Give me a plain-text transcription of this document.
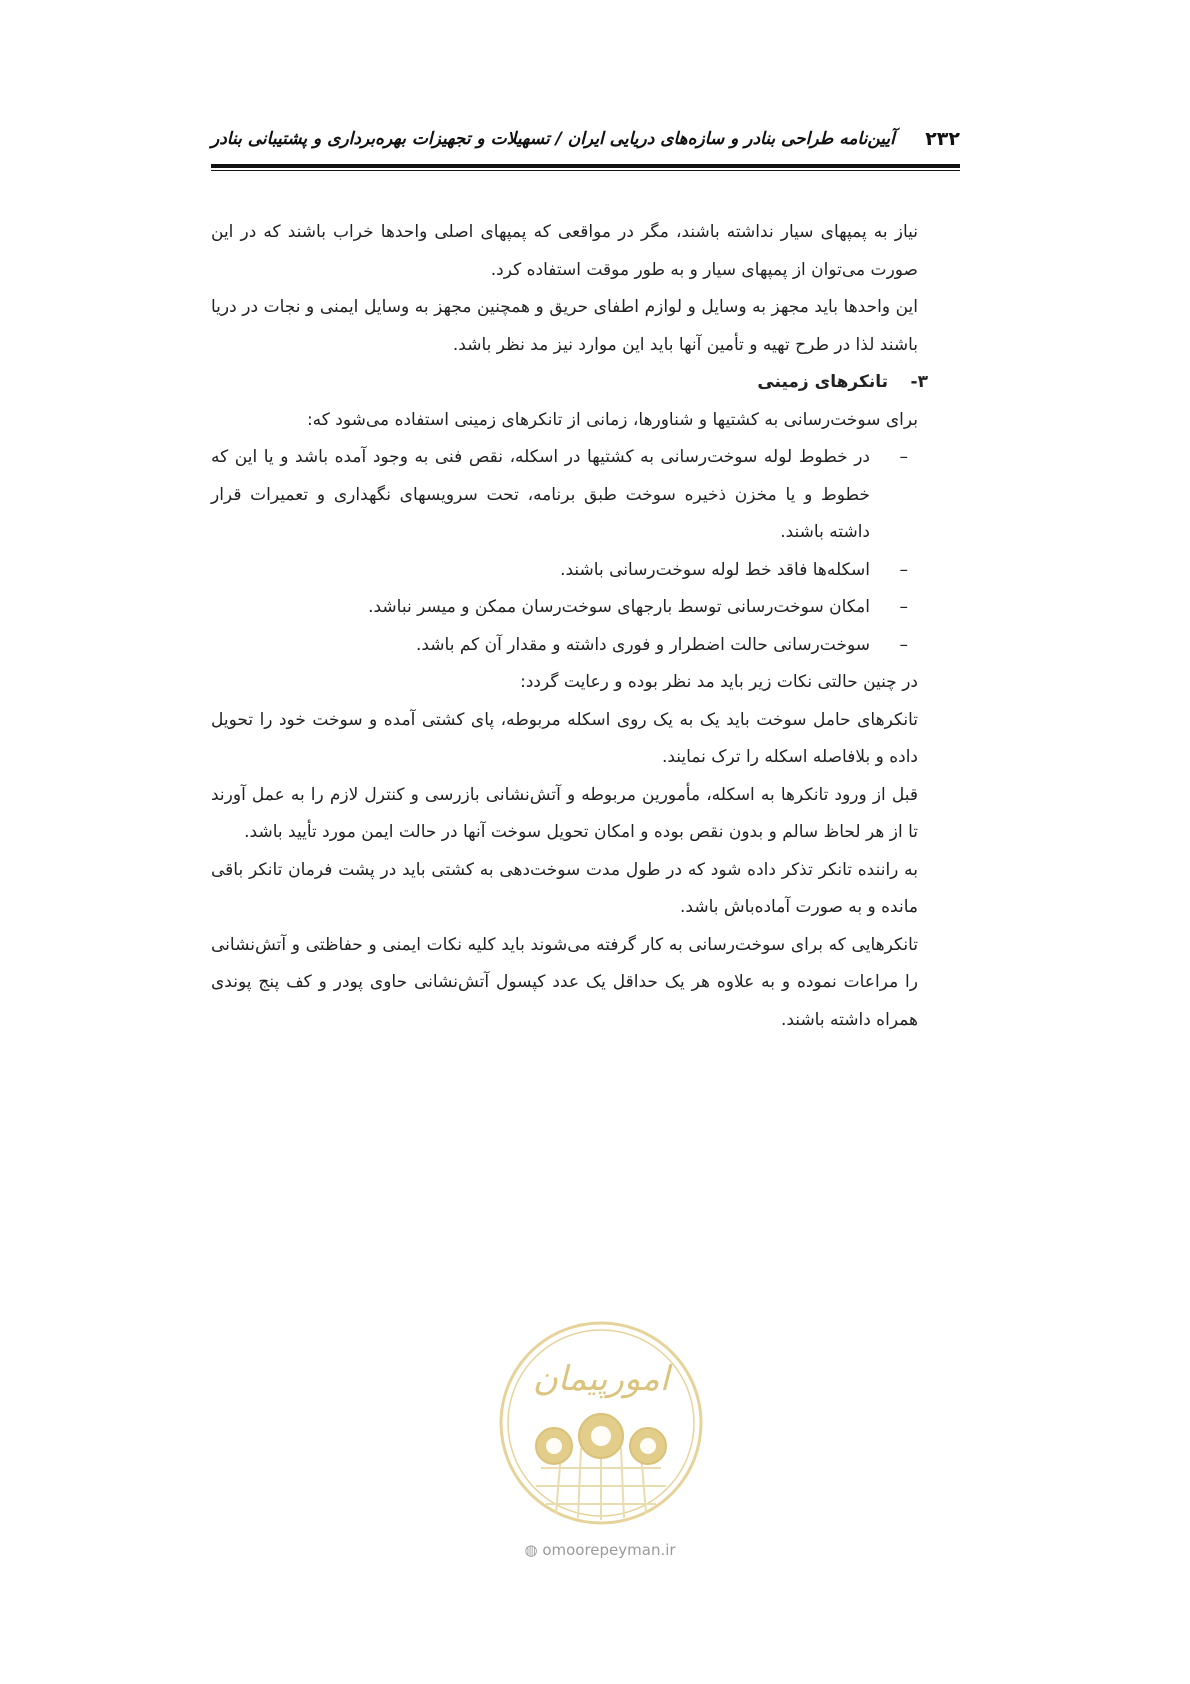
۲۳۲
آیین‌نامه طراحی بنادر و سازه‌های دریایی ایران / تسهیلات و تجهیزات بهره‌برداری و پشتیبانی بنادر

نیاز به پمپهای سیار نداشته باشند، مگر در مواقعی که پمپهای اصلی واحدها خراب باشند که در این صورت می‌توان از پمپهای سیار و به طور موقت استفاده کرد.

این واحدها باید مجهز به وسایل و لوازم اطفای حریق و همچنین مجهز به وسایل ایمنی و نجات در دریا باشند لذا در طرح تهیه و تأمین آنها باید این موارد نیز مد نظر باشد.

۳-تانکرهای زمینی

برای سوخت‌رسانی به کشتیها و شناورها، زمانی از تانکرهای زمینی استفاده می‌شود که:

–
در خطوط لوله سوخت‌رسانی به کشتیها در اسکله، نقص فنی به وجود آمده باشد و یا این که خطوط و یا مخزن ذخیره سوخت طبق برنامه، تحت سرویسهای نگهداری و تعمیرات قرار داشته باشند.

–
اسکله‌ها فاقد خط لوله سوخت‌رسانی باشند.

–
امکان سوخت‌رسانی توسط بارجهای سوخت‌رسان ممکن و میسر نباشد.

–
سوخت‌رسانی حالت اضطرار و فوری داشته و مقدار آن کم باشد.

در چنین حالتی نکات زیر باید مد نظر بوده و رعایت گردد:

تانکرهای حامل سوخت باید یک به یک روی اسکله مربوطه، پای کشتی آمده و سوخت خود را تحویل داده و بلافاصله اسکله را ترک نمایند.

قبل از ورود تانکرها به اسکله، مأمورین مربوطه و آتش‌نشانی بازرسی و کنترل لازم را به عمل آورند تا از هر لحاظ سالم و بدون نقص بوده و امکان تحویل سوخت آنها در حالت ایمن مورد تأیید باشد.

به راننده تانکر تذکر داده شود که در طول مدت سوخت‌دهی به کشتی باید در پشت فرمان تانکر باقی مانده و به صورت آماده‌باش باشد.

تانکرهایی که برای سوخت‌رسانی به کار گرفته می‌شوند باید کلیه نکات ایمنی و حفاظتی و آتش‌نشانی را مراعات نموده و به علاوه هر یک حداقل یک عدد کپسول آتش‌نشانی حاوی پودر و کف پنج پوندی همراه داشته باشند.

امورپیمان
◍ omoorepeyman.ir
